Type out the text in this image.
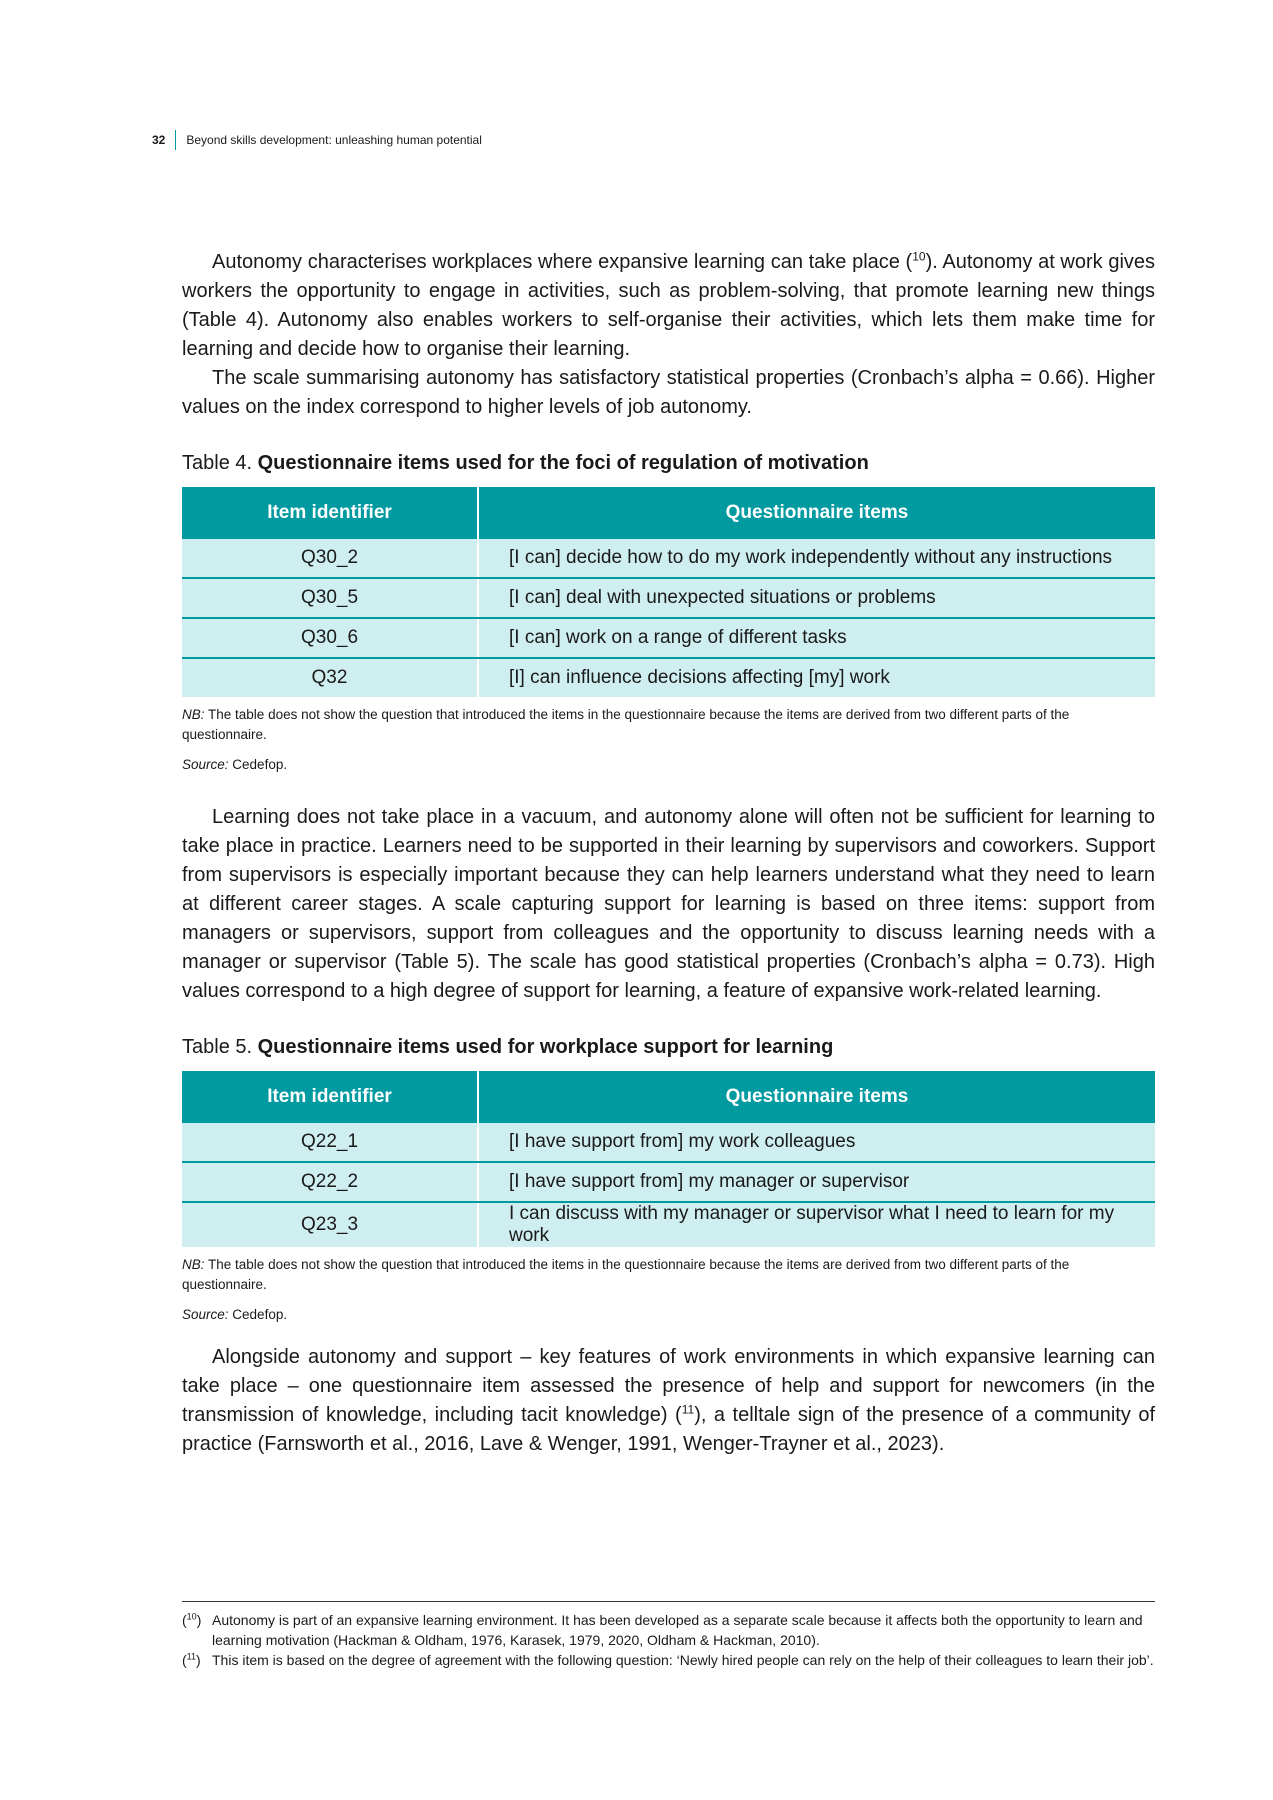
32	Beyond skills development: unleashing human potential

Autonomy characterises workplaces where expansive learning can take place ($^{10}$). Autonomy at work gives workers the opportunity to engage in activities, such as problem-solving, that promote learning new things (Table 4). Autonomy also enables workers to self-organise their activities, which lets them make time for learning and decide how to organise their learning.

The scale summarising autonomy has satisfactory statistical properties (Cronbach’s alpha = 0.66). Higher values on the index correspond to higher levels of job autonomy.

Table 4. Questionnaire items used for the foci of regulation of motivation

Item identifier	Questionnaire items
Q30_2	[I can] decide how to do my work independently without any instructions
Q30_5	[I can] deal with unexpected situations or problems
Q30_6	[I can] work on a range of different tasks
Q32	[I] can influence decisions affecting [my] work

NB: The table does not show the question that introduced the items in the questionnaire because the items are derived from two different parts of the questionnaire.

Source: Cedefop.

Learning does not take place in a vacuum, and autonomy alone will often not be sufficient for learning to take place in practice. Learners need to be supported in their learning by supervisors and coworkers. Support from supervisors is especially important because they can help learners understand what they need to learn at different career stages. A scale capturing support for learning is based on three items: support from managers or supervisors, support from colleagues and the opportunity to discuss learning needs with a manager or supervisor (Table 5). The scale has good statistical properties (Cronbach’s alpha = 0.73). High values correspond to a high degree of support for learning, a feature of expansive work-related learning.

Table 5. Questionnaire items used for workplace support for learning

Item identifier	Questionnaire items
Q22_1	[I have support from] my work colleagues
Q22_2	[I have support from] my manager or supervisor
Q23_3	I can discuss with my manager or supervisor what I need to learn for my work

NB: The table does not show the question that introduced the items in the questionnaire because the items are derived from two different parts of the questionnaire.

Source: Cedefop.

Alongside autonomy and support – key features of work environments in which expansive learning can take place – one questionnaire item assessed the presence of help and support for newcomers (in the transmission of knowledge, including tacit knowledge) ($^{11}$), a telltale sign of the presence of a community of practice (Farnsworth et al., 2016, Lave & Wenger, 1991, Wenger-Trayner et al., 2023).

($^{10}$) Autonomy is part of an expansive learning environment. It has been developed as a separate scale because it affects both the opportunity to learn and learning motivation (Hackman & Oldham, 1976, Karasek, 1979, 2020, Oldham & Hackman, 2010).
($^{11}$) This item is based on the degree of agreement with the following question: ‘Newly hired people can rely on the help of their colleagues to learn their job’.
